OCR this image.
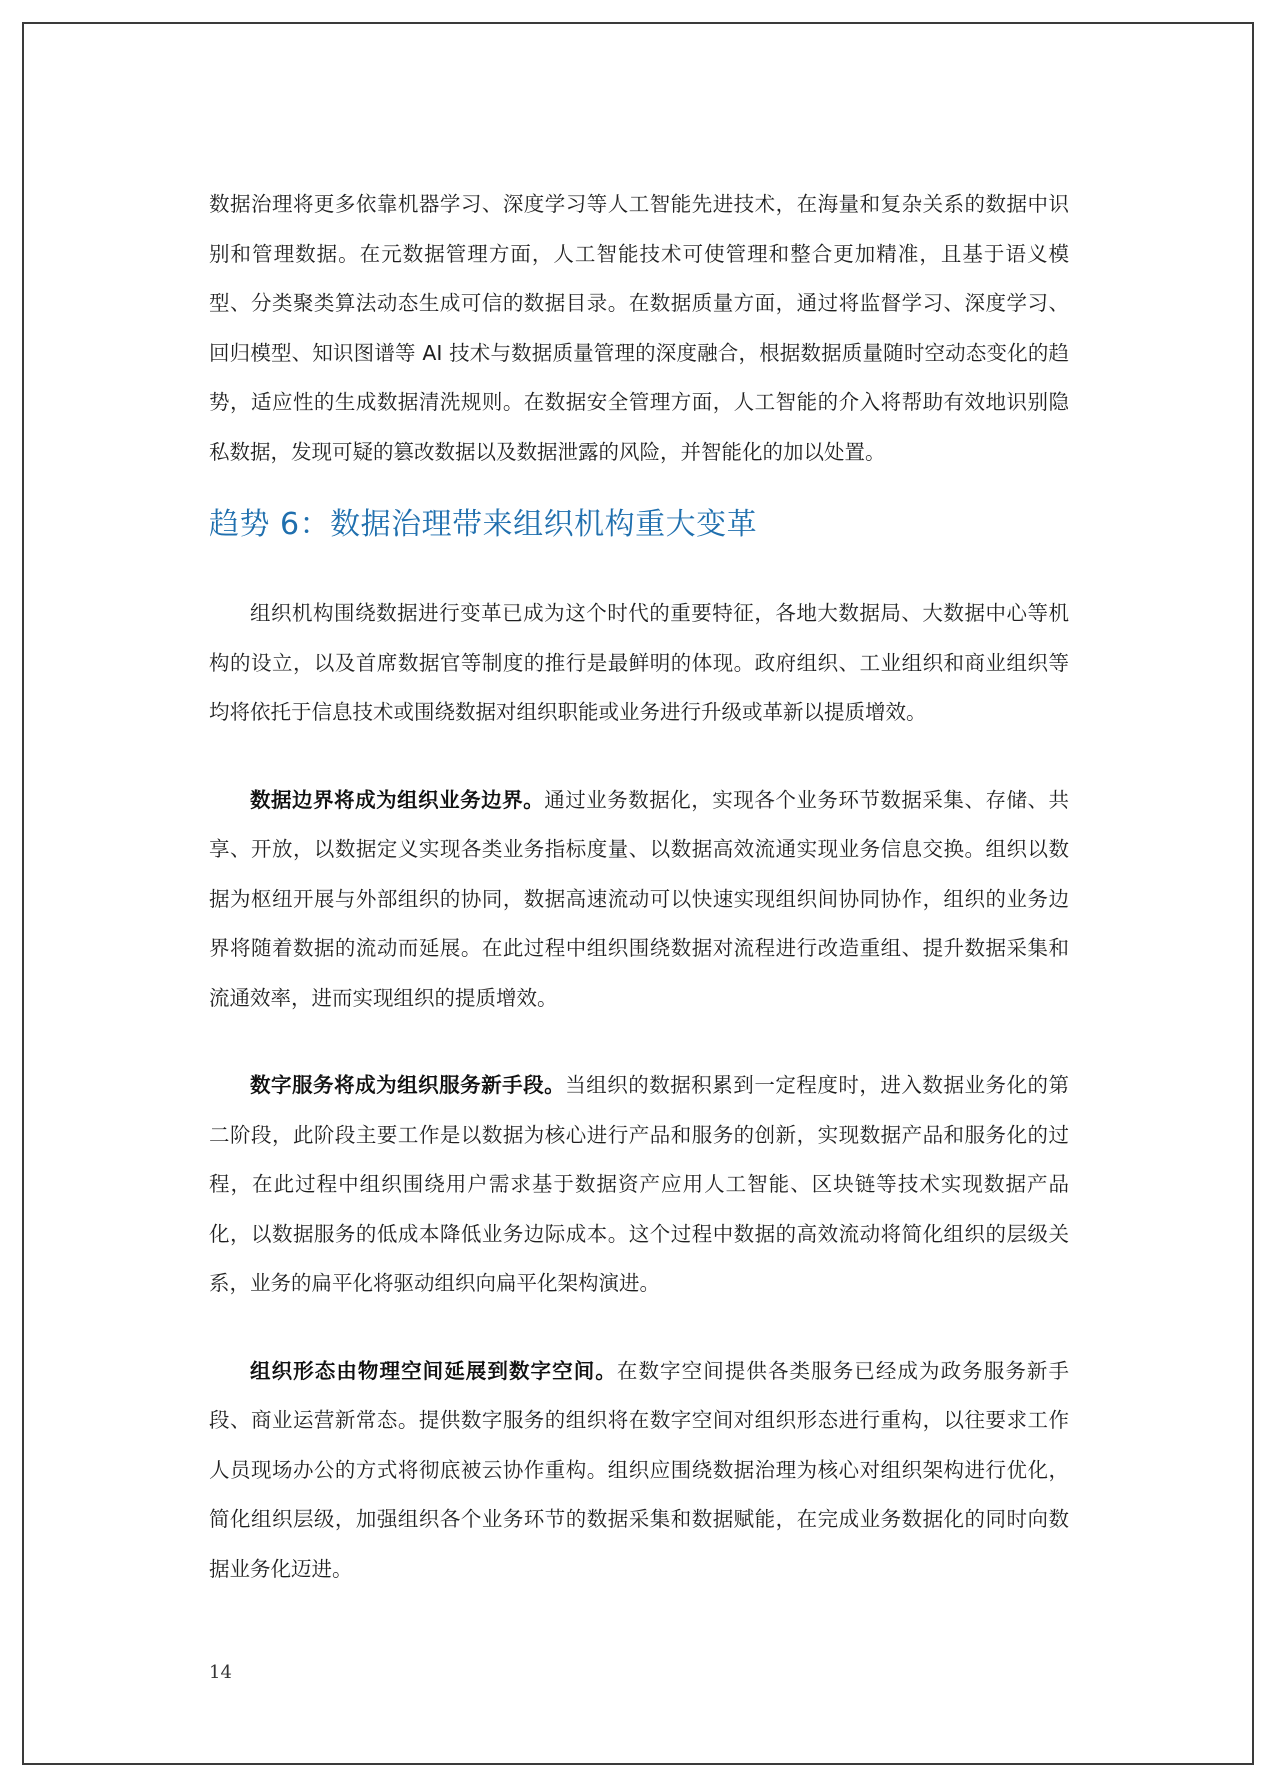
数据治理将更多依靠机器学习、深度学习等人工智能先进技术，在海量和复杂关系的数据中识别和管理数据。在元数据管理方面，人工智能技术可使管理和整合更加精准，且基于语义模型、分类聚类算法动态生成可信的数据目录。在数据质量方面，通过将监督学习、深度学习、回归模型、知识图谱等 AI 技术与数据质量管理的深度融合，根据数据质量随时空动态变化的趋势，适应性的生成数据清洗规则。在数据安全管理方面，人工智能的介入将帮助有效地识别隐私数据，发现可疑的篡改数据以及数据泄露的风险，并智能化的加以处置。

趋势 6：数据治理带来组织机构重大变革

组织机构围绕数据进行变革已成为这个时代的重要特征，各地大数据局、大数据中心等机构的设立，以及首席数据官等制度的推行是最鲜明的体现。政府组织、工业组织和商业组织等均将依托于信息技术或围绕数据对组织职能或业务进行升级或革新以提质增效。

数据边界将成为组织业务边界。通过业务数据化，实现各个业务环节数据采集、存储、共享、开放，以数据定义实现各类业务指标度量、以数据高效流通实现业务信息交换。组织以数据为枢纽开展与外部组织的协同，数据高速流动可以快速实现组织间协同协作，组织的业务边界将随着数据的流动而延展。在此过程中组织围绕数据对流程进行改造重组、提升数据采集和流通效率，进而实现组织的提质增效。

数字服务将成为组织服务新手段。当组织的数据积累到一定程度时，进入数据业务化的第二阶段，此阶段主要工作是以数据为核心进行产品和服务的创新，实现数据产品和服务化的过程，在此过程中组织围绕用户需求基于数据资产应用人工智能、区块链等技术实现数据产品化，以数据服务的低成本降低业务边际成本。这个过程中数据的高效流动将简化组织的层级关系，业务的扁平化将驱动组织向扁平化架构演进。

组织形态由物理空间延展到数字空间。在数字空间提供各类服务已经成为政务服务新手段、商业运营新常态。提供数字服务的组织将在数字空间对组织形态进行重构，以往要求工作人员现场办公的方式将彻底被云协作重构。组织应围绕数据治理为核心对组织架构进行优化，简化组织层级，加强组织各个业务环节的数据采集和数据赋能，在完成业务数据化的同时向数据业务化迈进。

14
